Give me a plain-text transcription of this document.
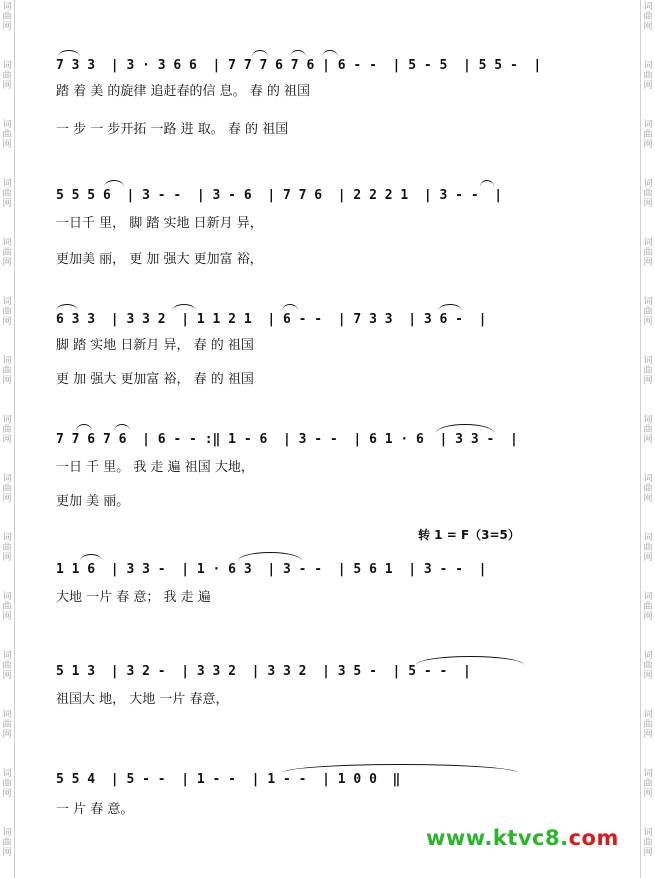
词
曲
网
词
曲
网
词
曲
网
词
曲
网
词
曲
网
词
曲
网
词
曲
网
词
曲
网
词
曲
网
词
曲
网
词
曲
网
词
曲
网
词
曲
网
词
曲
网
词
曲
网
词
曲
网
词
曲
网
词
曲
网
词
曲
网
词
曲
网
词
曲
网
词
曲
网
词
曲
网
词
曲
网
词
曲
网
词
曲
网
词
曲
网
词
曲
网
词
曲
网
词
曲
网
7 3 3  | 3 · 3 6 6  | 7 7 7 6 7 6 | 6 - -  | 5 - 5  | 5 5 -  |
踏 着 美 的旋律 追赶春的信 息。 春 的 祖国
一 步 一 步开拓 一路 进 取。 春 的 祖国
5 5 5 6  | 3 - -  | 3 - 6  | 7 7 6  | 2 2 2 1  | 3 - -  |
一日千 里， 脚 踏 实地 日新月 异，
更加美 丽， 更 加 强大 更加富 裕，
6 3 3  | 3 3 2  | 1 1 2 1  | 6 - -  | 7 3 3  | 3 6 -  |
脚 踏 实地 日新月 异， 春 的 祖国
更 加 强大 更加富 裕， 春 的 祖国
7 7 6 7 6  | 6 - - :‖ 1 - 6  | 3 - -  | 6 1 · 6  | 3 3 -  |
一日 千 里。 我 走 遍 祖国 大地，
更加 美 丽。
转 1 = F（3=5）
1 1 6  | 3 3 -  | 1 · 6 3  | 3 - -  | 5 6 1  | 3 - -  |
大地 一片 春 意； 我 走 遍
5 1 3  | 3 2 -  | 3 3 2  | 3 3 2  | 3 5 -  | 5 - -  |
祖国大 地， 大地 一片 春意，
5 5 4  | 5 - -  | 1 - -  | 1 - -  | 1 0 0  ‖
一 片 春 意。
www.ktvc8.com
